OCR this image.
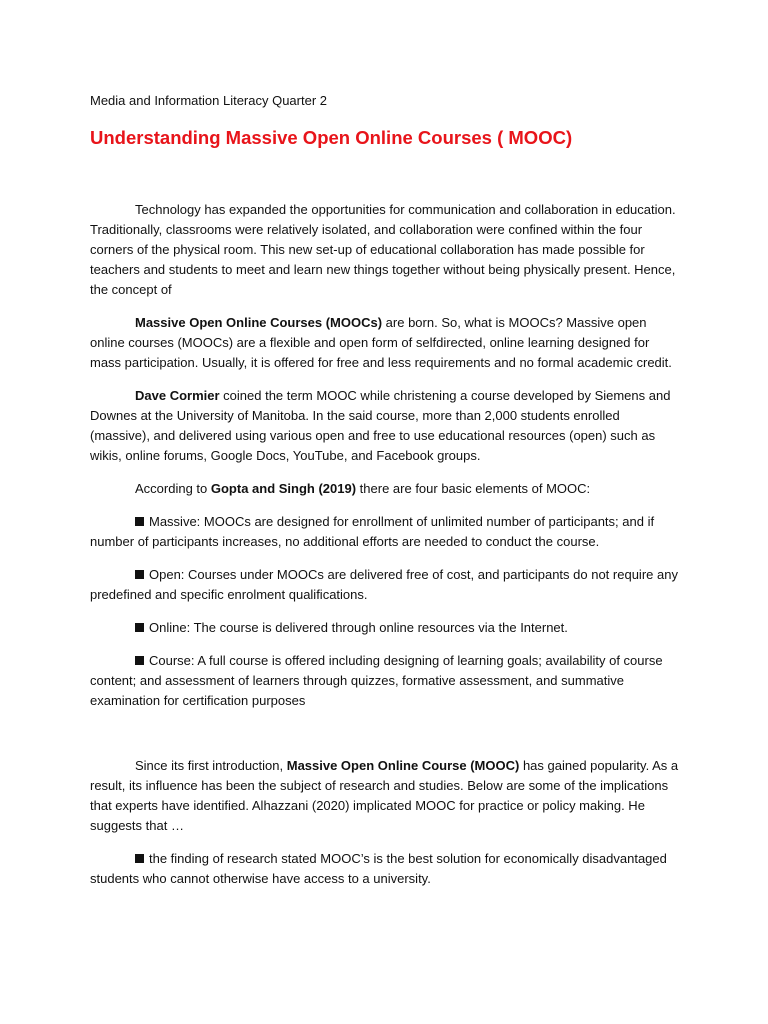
Media and Information Literacy Quarter 2
Understanding Massive Open Online Courses ( MOOC)

Technology has expanded the opportunities for communication and collaboration in education. Traditionally, classrooms were relatively isolated, and collaboration were confined within the four corners of the physical room. This new set-up of educational collaboration has made possible for teachers and students to meet and learn new things together without being physically present. Hence, the concept of

Massive Open Online Courses (MOOCs) are born. So, what is MOOCs? Massive open online courses (MOOCs) are a flexible and open form of selfdirected, online learning designed for mass participation. Usually, it is offered for free and less requirements and no formal academic credit.

Dave Cormier coined the term MOOC while christening a course developed by Siemens and Downes at the University of Manitoba. In the said course, more than 2,000 students enrolled (massive), and delivered using various open and free to use educational resources (open) such as wikis, online forums, Google Docs, YouTube, and Facebook groups.

According to Gopta and Singh (2019) there are four basic elements of MOOC:

Massive: MOOCs are designed for enrollment of unlimited number of participants; and if number of participants increases, no additional efforts are needed to conduct the course.

Open: Courses under MOOCs are delivered free of cost, and participants do not require any predefined and specific enrolment qualifications.

Online: The course is delivered through online resources via the Internet.

Course: A full course is offered including designing of learning goals; availability of course content; and assessment of learners through quizzes, formative assessment, and summative examination for certification purposes

Since its first introduction, Massive Open Online Course (MOOC) has gained popularity. As a result, its influence has been the subject of research and studies. Below are some of the implications that experts have identified. Alhazzani (2020) implicated MOOC for practice or policy making. He suggests that …

the finding of research stated MOOC’s is the best solution for economically disadvantaged students who cannot otherwise have access to a university.
